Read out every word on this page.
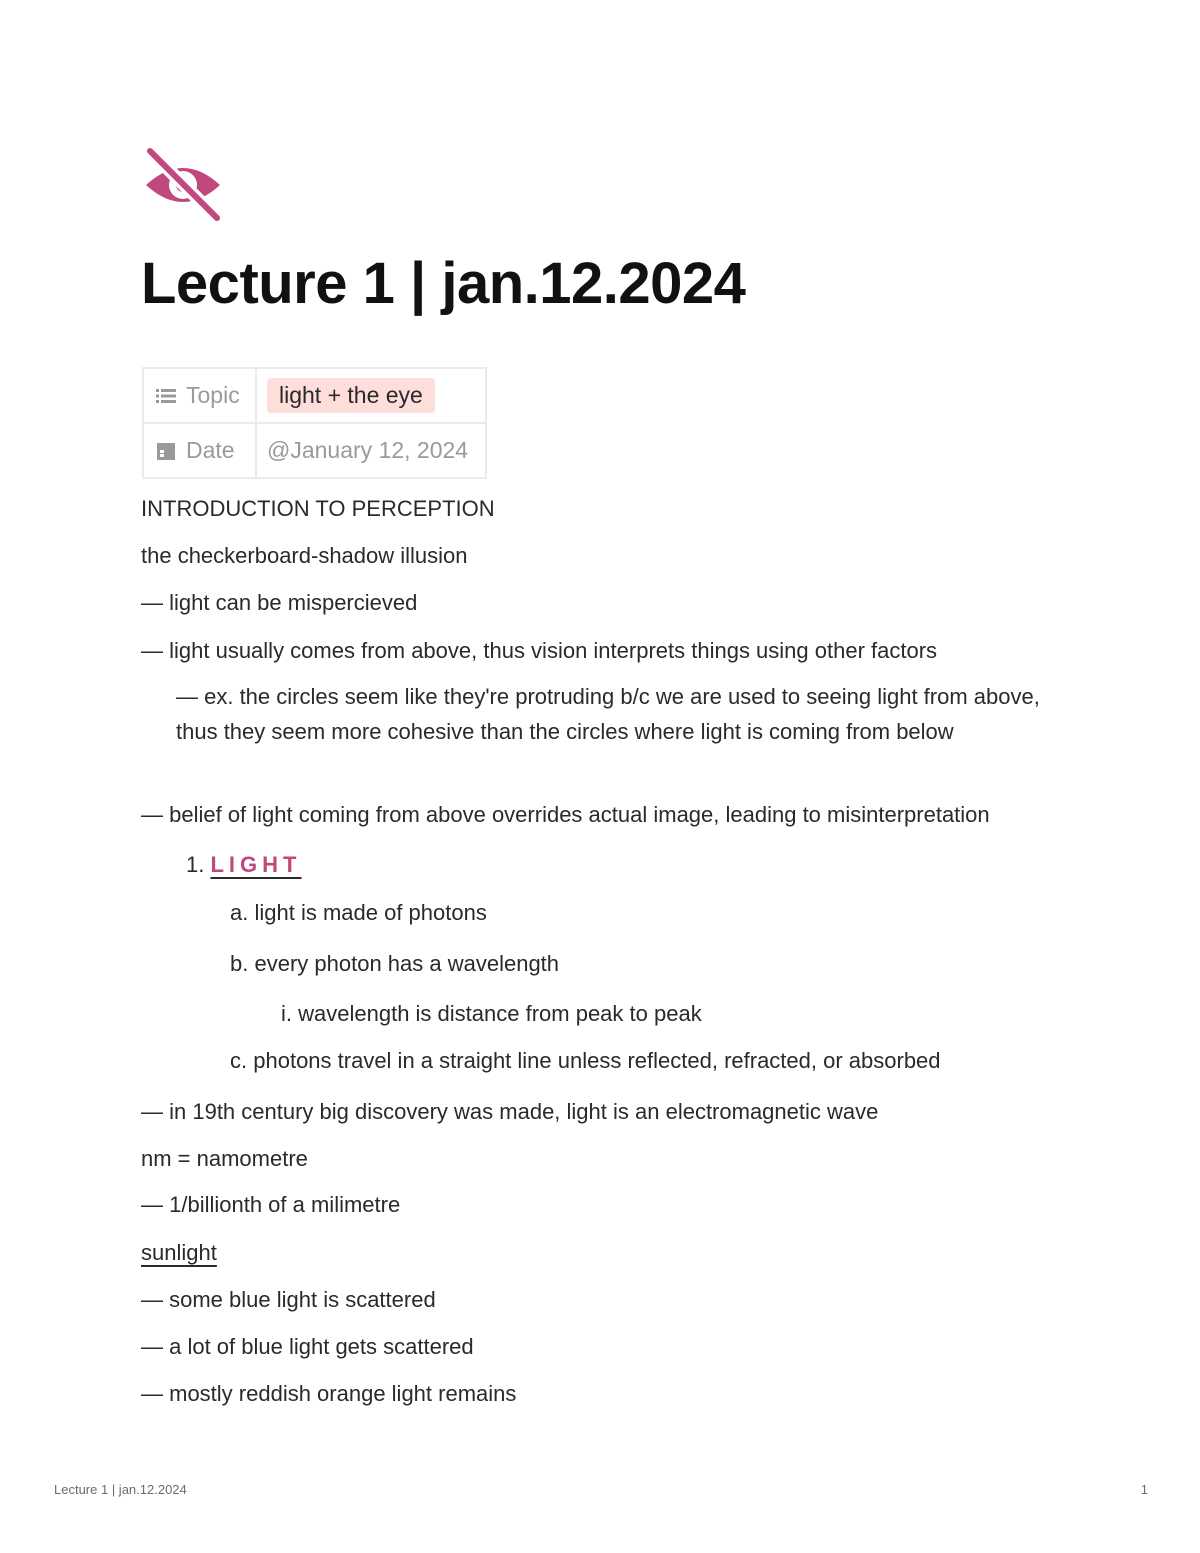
Lecture 1 | jan.12.2024
Topic	light + the eye

Date	@January 12, 2024
INTRODUCTION TO PERCEPTION
the checkerboard-shadow illusion
— light can be mispercieved
— light usually comes from above, thus vision interprets things using other factors
— ex. the circles seem like they're protruding b/c we are used to seeing light from above, thus they seem more cohesive than the circles where light is coming from below
— belief of light coming from above overrides actual image, leading to misinterpretation
1. LIGHT
a. light is made of photons
b. every photon has a wavelength
i. wavelength is distance from peak to peak
c. photons travel in a straight line unless reflected, refracted, or absorbed
— in 19th century big discovery was made, light is an electromagnetic wave
nm = namometre
— 1/billionth of a milimetre
sunlight
— some blue light is scattered
— a lot of blue light gets scattered
— mostly reddish orange light remains
Lecture 1 | jan.12.2024	1
